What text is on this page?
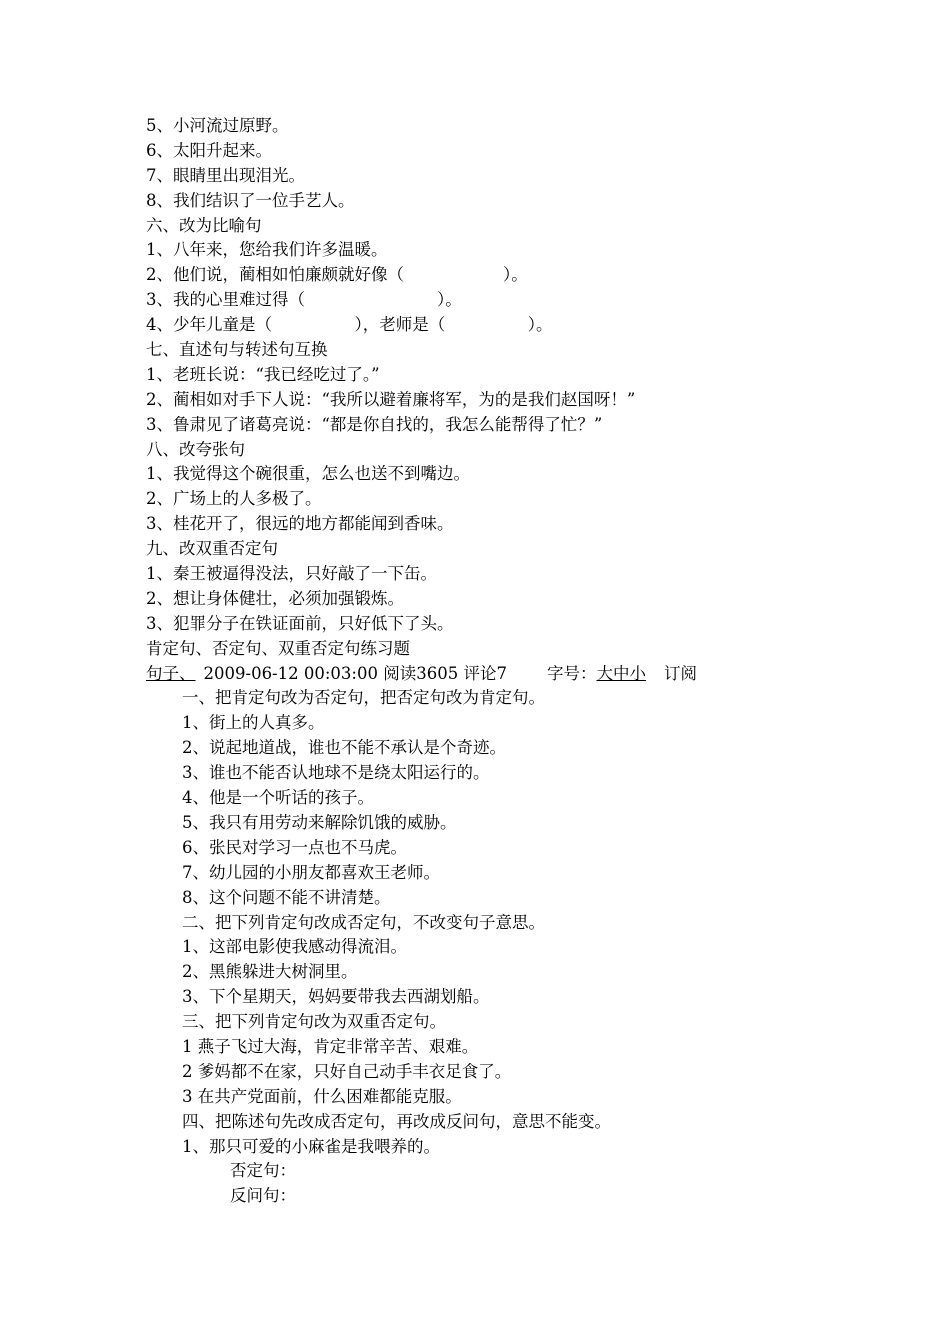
5、小河流过原野。
6、太阳升起来。
7、眼睛里出现泪光。
8、我们结识了一位手艺人。
六、改为比喻句
1、八年来，您给我们许多温暖。
2、他们说，蔺相如怕廉颇就好像（　　　　　　）。
3、我的心里难过得（　　　　　　　　）。
4、少年儿童是（　　　　　），老师是（　　　　　）。
七、直述句与转述句互换
1、老班长说：“我已经吃过了。”
2、蔺相如对手下人说：“我所以避着廉将军，为的是我们赵国呀！”
3、鲁肃见了诸葛亮说：“都是你自找的，我怎么能帮得了忙？”
八、改夸张句
1、我觉得这个碗很重，怎么也送不到嘴边。
2、广场上的人多极了。
3、桂花开了，很远的地方都能闻到香味。
九、改双重否定句
1、秦王被逼得没法，只好敲了一下缶。
2、想让身体健壮，必须加强锻炼。
3、犯罪分子在铁证面前，只好低下了头。
肯定句、否定句、双重否定句练习题
句子、 2009-06-12 00:03:00 阅读3605 评论7 字号：大中小 订阅
一、把肯定句改为否定句，把否定句改为肯定句。
1、街上的人真多。
2、说起地道战，谁也不能不承认是个奇迹。
3、谁也不能否认地球不是绕太阳运行的。
4、他是一个听话的孩子。
5、我只有用劳动来解除饥饿的威胁。
6、张民对学习一点也不马虎。
7、幼儿园的小朋友都喜欢王老师。
8、这个问题不能不讲清楚。
二、把下列肯定句改成否定句，不改变句子意思。
1、这部电影使我感动得流泪。
2、黑熊躲进大树洞里。
3、下个星期天，妈妈要带我去西湖划船。
三、把下列肯定句改为双重否定句。
1 燕子飞过大海，肯定非常辛苦、艰难。
2 爹妈都不在家，只好自己动手丰衣足食了。
3 在共产党面前，什么困难都能克服。
四、把陈述句先改成否定句，再改成反问句，意思不能变。
1、那只可爱的小麻雀是我喂养的。
否定句：
反问句：
